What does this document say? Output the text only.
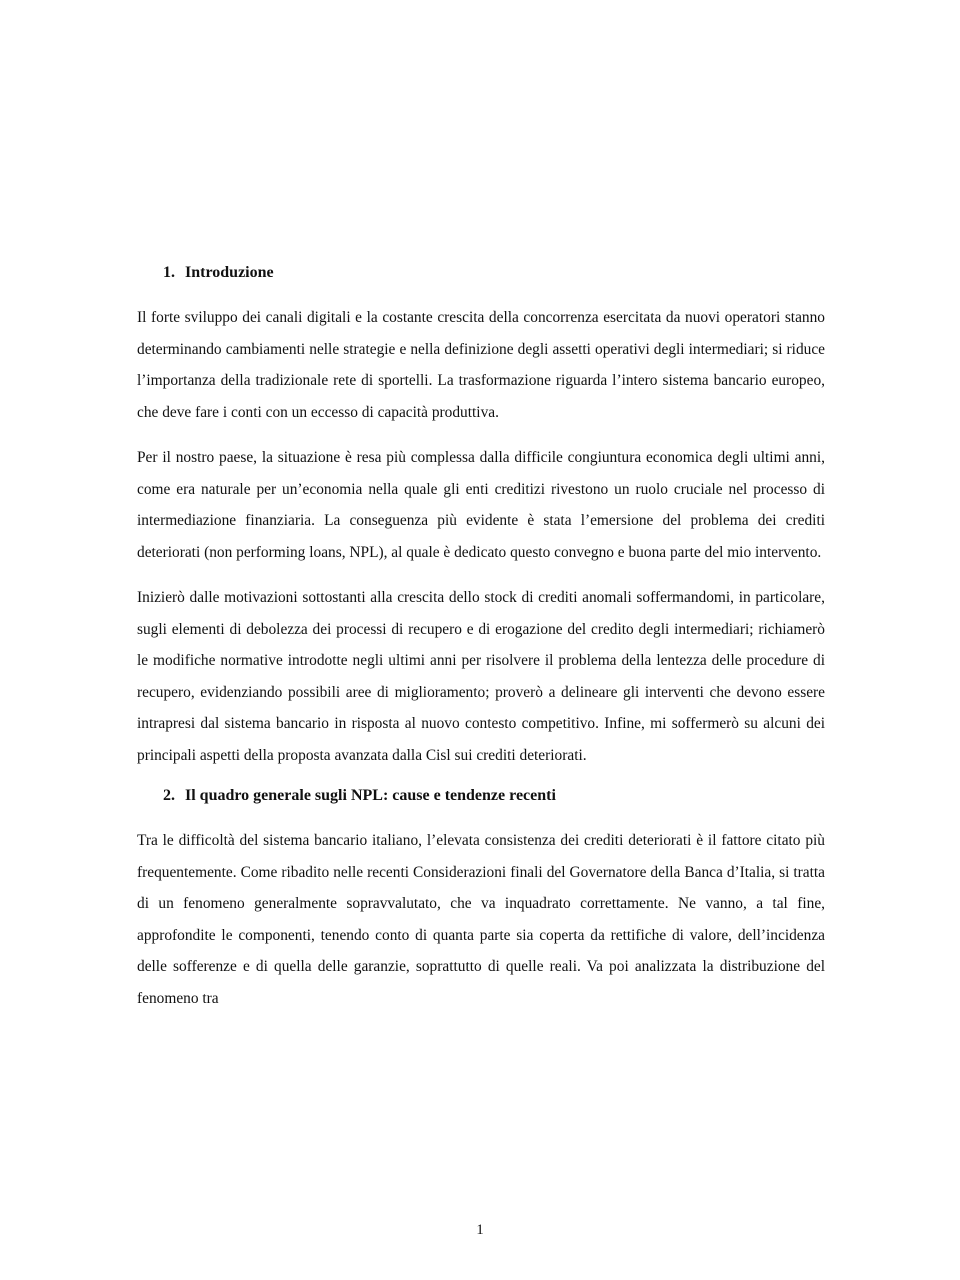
1. Introduzione

Il forte sviluppo dei canali digitali e la costante crescita della concorrenza esercitata da nuovi operatori stanno determinando cambiamenti nelle strategie e nella definizione degli assetti operativi degli intermediari; si riduce l’importanza della tradizionale rete di sportelli. La trasformazione riguarda l’intero sistema bancario europeo, che deve fare i conti con un eccesso di capacità produttiva.

Per il nostro paese, la situazione è resa più complessa dalla difficile congiuntura economica degli ultimi anni, come era naturale per un’economia nella quale gli enti creditizi rivestono un ruolo cruciale nel processo di intermediazione finanziaria. La conseguenza più evidente è stata l’emersione del problema dei crediti deteriorati (non performing loans, NPL), al quale è dedicato questo convegno e buona parte del mio intervento.

Inizierò dalle motivazioni sottostanti alla crescita dello stock di crediti anomali soffermandomi, in particolare, sugli elementi di debolezza dei processi di recupero e di erogazione del credito degli intermediari; richiamerò le modifiche normative introdotte negli ultimi anni per risolvere il problema della lentezza delle procedure di recupero, evidenziando possibili aree di miglioramento; proverò a delineare gli interventi che devono essere intrapresi dal sistema bancario in risposta al nuovo contesto competitivo. Infine, mi soffermerò su alcuni dei principali aspetti della proposta avanzata dalla Cisl sui crediti deteriorati.

2. Il quadro generale sugli NPL: cause e tendenze recenti

Tra le difficoltà del sistema bancario italiano, l’elevata consistenza dei crediti deteriorati è il fattore citato più frequentemente. Come ribadito nelle recenti Considerazioni finali del Governatore della Banca d’Italia, si tratta di un fenomeno generalmente sopravvalutato, che va inquadrato correttamente. Ne vanno, a tal fine, approfondite le componenti, tenendo conto di quanta parte sia coperta da rettifiche di valore, dell’incidenza delle sofferenze e di quella delle garanzie, soprattutto di quelle reali. Va poi analizzata la distribuzione del fenomeno tra

1
